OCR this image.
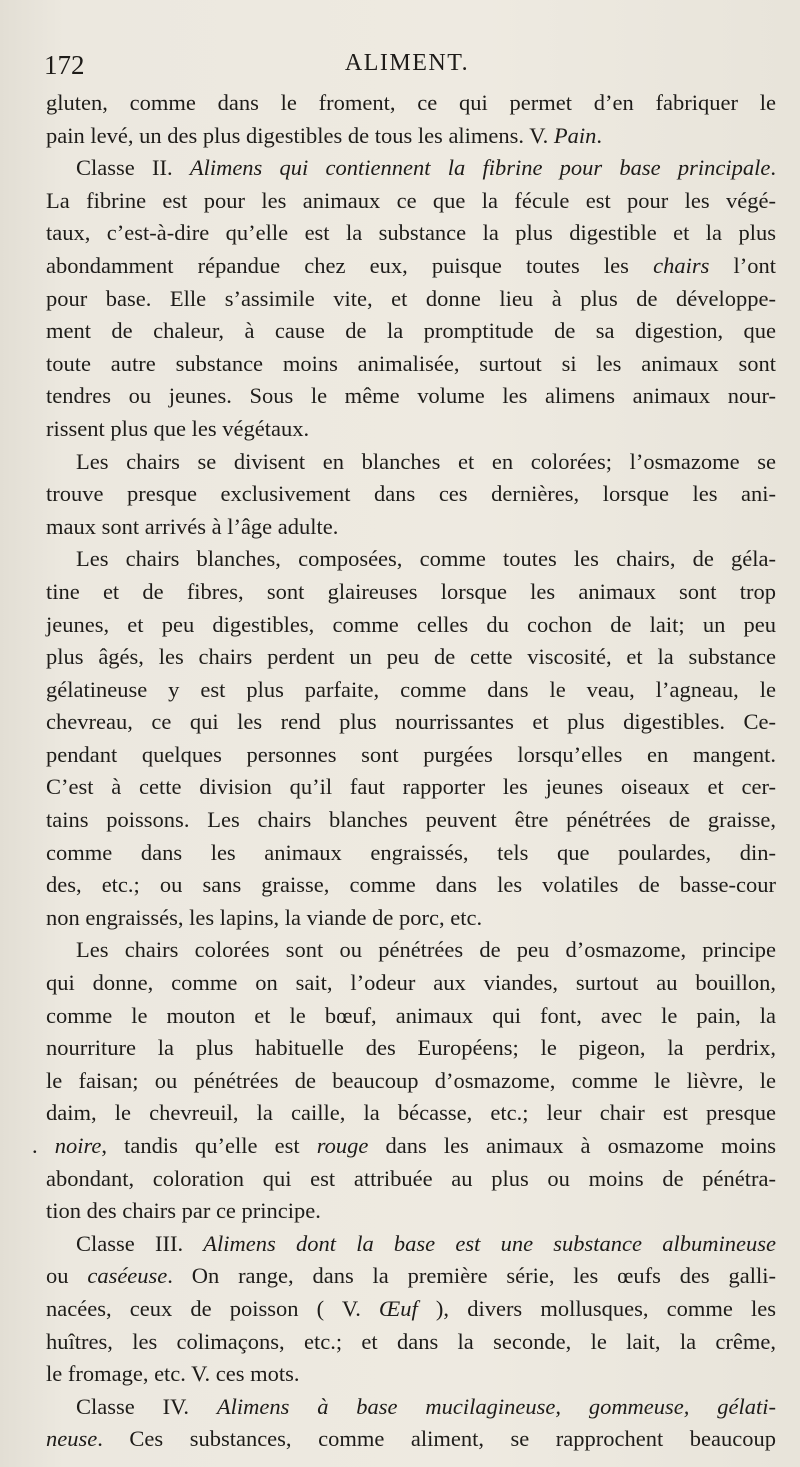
172	ALIMENT.
gluten, comme dans le froment, ce qui permet d’en fabriquer le
pain levé, un des plus digestibles de tous les alimens. V. Pain.
Classe II. Alimens qui contiennent la fibrine pour base principale.
La fibrine est pour les animaux ce que la fécule est pour les végé-
taux, c’est-à-dire qu’elle est la substance la plus digestible et la plus
abondamment répandue chez eux, puisque toutes les chairs l’ont
pour base. Elle s’assimile vite, et donne lieu à plus de développe-
ment de chaleur, à cause de la promptitude de sa digestion, que
toute autre substance moins animalisée, surtout si les animaux sont
tendres ou jeunes. Sous le même volume les alimens animaux nour-
rissent plus que les végétaux.
Les chairs se divisent en blanches et en colorées; l’osmazome se
trouve presque exclusivement dans ces dernières, lorsque les ani-
maux sont arrivés à l’âge adulte.
Les chairs blanches, composées, comme toutes les chairs, de géla-
tine et de fibres, sont glaireuses lorsque les animaux sont trop
jeunes, et peu digestibles, comme celles du cochon de lait; un peu
plus âgés, les chairs perdent un peu de cette viscosité, et la substance
gélatineuse y est plus parfaite, comme dans le veau, l’agneau, le
chevreau, ce qui les rend plus nourrissantes et plus digestibles. Ce-
pendant quelques personnes sont purgées lorsqu’elles en mangent.
C’est à cette division qu’il faut rapporter les jeunes oiseaux et cer-
tains poissons. Les chairs blanches peuvent être pénétrées de graisse,
comme dans les animaux engraissés, tels que poulardes, din-
des, etc.; ou sans graisse, comme dans les volatiles de basse-cour
non engraissés, les lapins, la viande de porc, etc.
Les chairs colorées sont ou pénétrées de peu d’osmazome, principe
qui donne, comme on sait, l’odeur aux viandes, surtout au bouillon,
comme le mouton et le bœuf, animaux qui font, avec le pain, la
nourriture la plus habituelle des Européens; le pigeon, la perdrix,
le faisan; ou pénétrées de beaucoup d’osmazome, comme le lièvre, le
daim, le chevreuil, la caille, la bécasse, etc.; leur chair est presque
. noire, tandis qu’elle est rouge dans les animaux à osmazome moins
abondant, coloration qui est attribuée au plus ou moins de pénétra-
tion des chairs par ce principe.
Classe III. Alimens dont la base est une substance albumineuse
ou caséeuse. On range, dans la première série, les œufs des galli-
nacées, ceux de poisson ( V. Œuf ), divers mollusques, comme les
huîtres, les colimaçons, etc.; et dans la seconde, le lait, la crême,
le fromage, etc. V. ces mots.
Classe IV. Alimens à base mucilagineuse, gommeuse, gélati-
neuse. Ces substances, comme aliment, se rapprochent beaucoup
